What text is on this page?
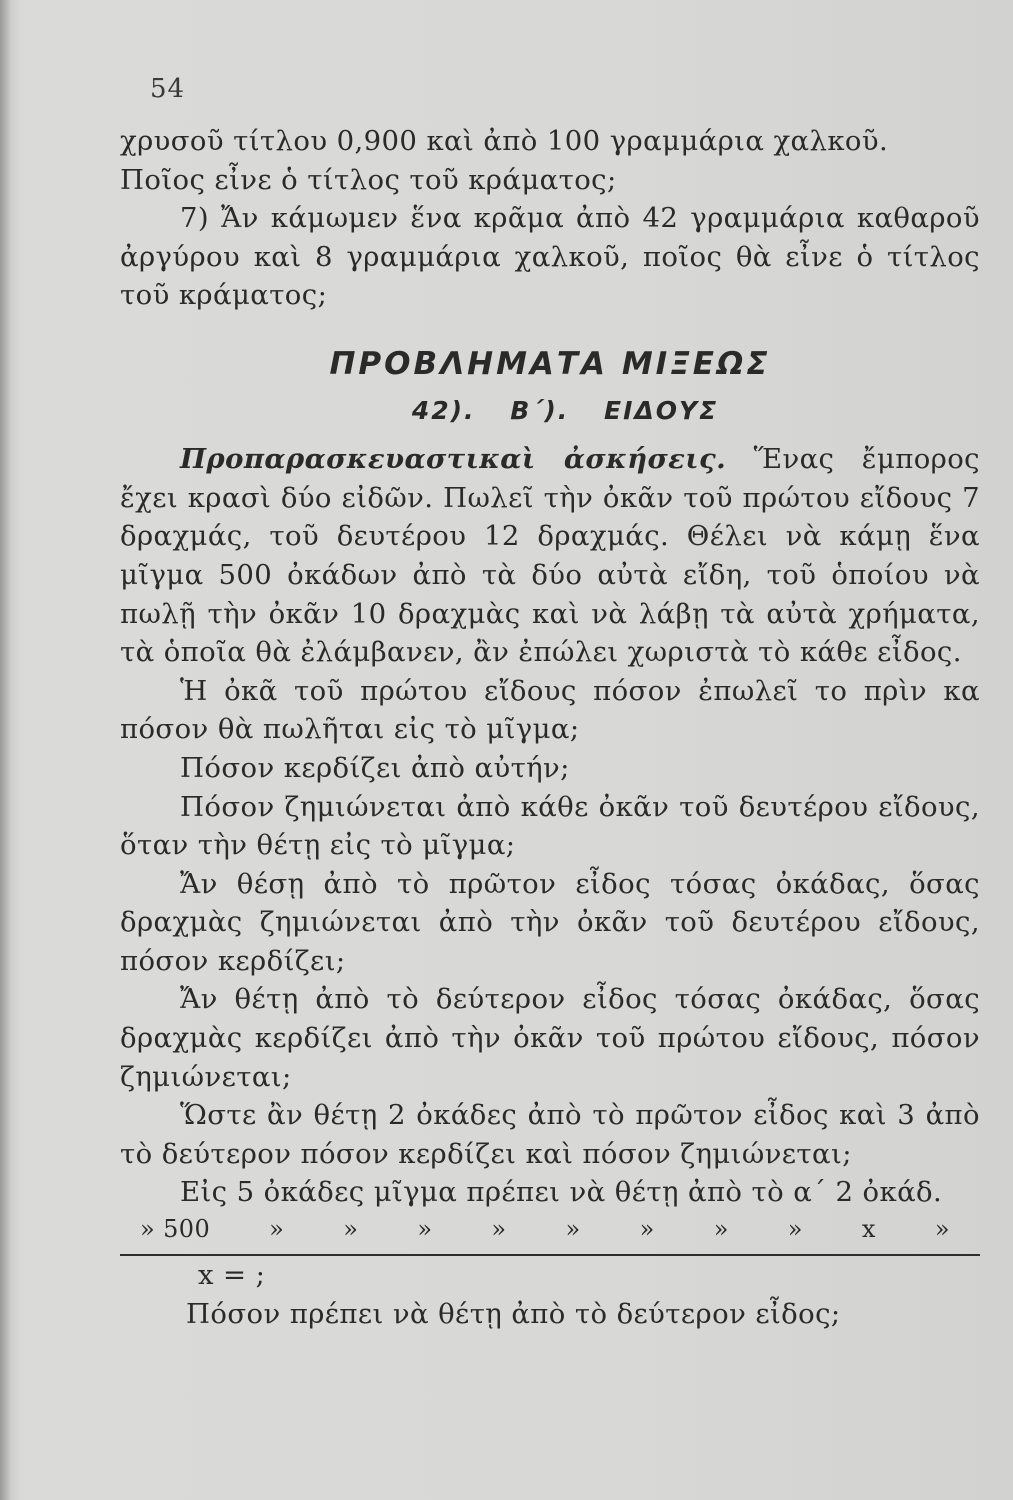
54

χρυσοῦ τίτλου 0,900 καὶ ἀπὸ 100 γραμμάρια χαλκοῦ.

Ποῖος εἶνε ὁ τίτλος τοῦ κράματος;

7) Ἄν κάμωμεν ἕνα κρᾶμα ἀπὸ 42 γραμμάρια καθαροῦ ἀργύρου καὶ 8 γραμμάρια χαλκοῦ, ποῖος θὰ εἶνε ὁ τίτλος τοῦ κράματος;

ΠΡΟΒΛΗΜΑΤΑ ΜΙΞΕΩΣ
42). Β΄). ΕΙΔΟΥΣ

Προπαρασκευαστικαὶ ἀσκήσεις. Ἕνας ἔμπορος ἔχει κρασὶ δύο εἰδῶν. Πωλεῖ τὴν ὀκᾶν τοῦ πρώτου εἴδους 7 δραχμάς, τοῦ δευτέρου 12 δραχμάς. Θέλει νὰ κάμῃ ἕνα μῖγμα 500 ὀκάδων ἀπὸ τὰ δύο αὐτὰ εἴδη, τοῦ ὁποίου νὰ πωλῇ τὴν ὀκᾶν 10 δραχμὰς καὶ νὰ λάβῃ τὰ αὐτὰ χρήματα, τὰ ὁποῖα θὰ ἐλάμβανεν, ἂν ἐπώλει χωριστὰ τὸ κάθε εἶδος.

Ἡ ὀκᾶ τοῦ πρώτου εἴδους πόσον ἐπωλεῖ το πρὶν κα πόσον θὰ πωλῆται εἰς τὸ μῖγμα;

Πόσον κερδίζει ἀπὸ αὐτήν;

Πόσον ζημιώνεται ἀπὸ κάθε ὀκᾶν τοῦ δευτέρου εἴδους, ὅταν τὴν θέτῃ εἰς τὸ μῖγμα;

Ἄν θέσῃ ἀπὸ τὸ πρῶτον εἶδος τόσας ὀκάδας, ὅσας δραχμὰς ζημιώνεται ἀπὸ τὴν ὀκᾶν τοῦ δευτέρου εἴδους, πόσον κερδίζει;

Ἄν θέτῃ ἀπὸ τὸ δεύτερον εἶδος τόσας ὀκάδας, ὅσας δραχμὰς κερδίζει ἀπὸ τὴν ὀκᾶν τοῦ πρώτου εἴδους, πόσον ζημιώνεται;

Ὥστε ἂν θέτῃ 2 ὀκάδες ἀπὸ τὸ πρῶτον εἶδος καὶ 3 ἀπὸ τὸ δεύτερον πόσον κερδίζει καὶ πόσον ζημιώνεται;

Εἰς 5 ὀκάδες μῖγμα πρέπει νὰ θέτῃ ἀπὸ τὸ α΄ 2 ὀκάδ.

» 500 » » » » » » » » x »

x = ;

Πόσον πρέπει νὰ θέτῃ ἀπὸ τὸ δεύτερον εἶδος;
